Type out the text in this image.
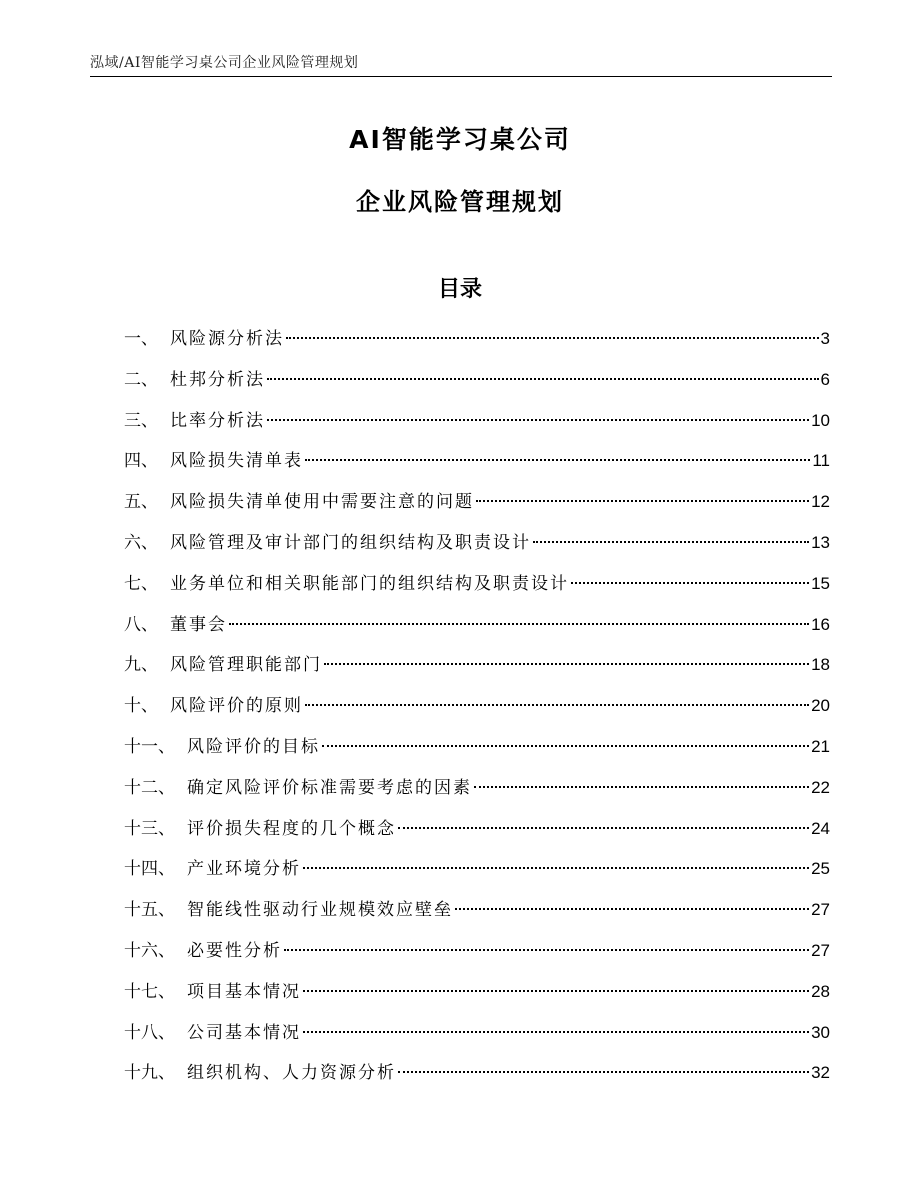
泓域/AI智能学习桌公司企业风险管理规划
AI智能学习桌公司
企业风险管理规划
目录
一、 风险源分析法	3
二、 杜邦分析法	6
三、 比率分析法	10
四、 风险损失清单表	11
五、 风险损失清单使用中需要注意的问题	12
六、 风险管理及审计部门的组织结构及职责设计	13
七、 业务单位和相关职能部门的组织结构及职责设计	15
八、 董事会	16
九、 风险管理职能部门	18
十、 风险评价的原则	20
十一、 风险评价的目标	21
十二、 确定风险评价标准需要考虑的因素	22
十三、 评价损失程度的几个概念	24
十四、 产业环境分析	25
十五、 智能线性驱动行业规模效应壁垒	27
十六、 必要性分析	27
十七、 项目基本情况	28
十八、 公司基本情况	30
十九、 组织机构、人力资源分析	32
